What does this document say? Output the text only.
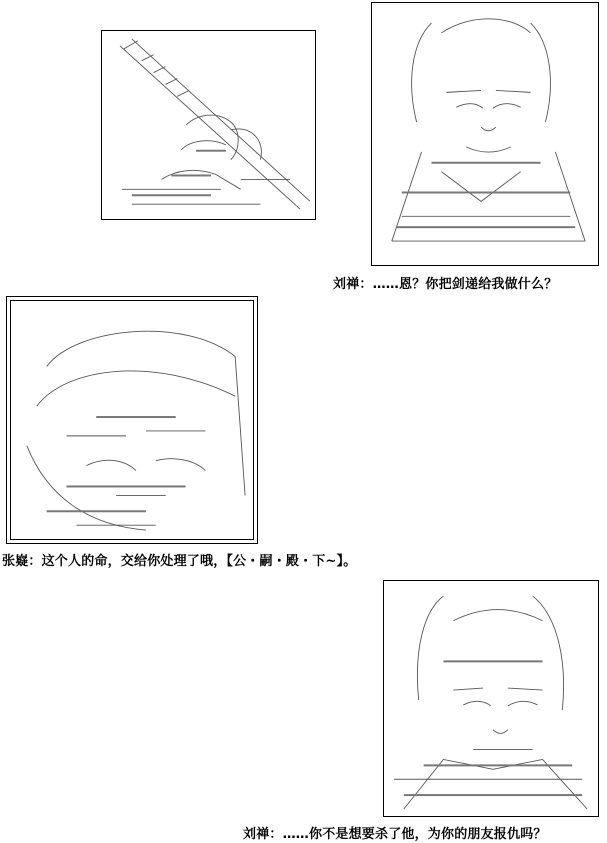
刘禅：……恩？你把剑递给我做什么？
张嶷：这个人的命，交给你处理了哦，【公・嗣・殿・下~】。
刘禅：……你不是想要杀了他，为你的朋友报仇吗？
